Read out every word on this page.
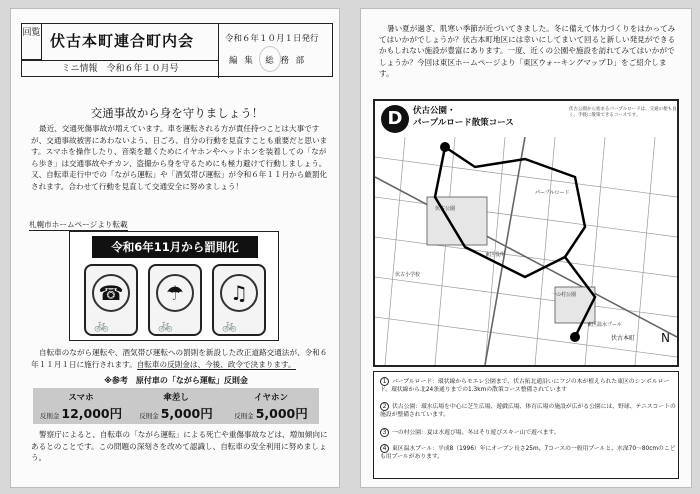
回覧 伏古本町連合町内会
ミニ情報　令和６年１０月号
令和６年１０月１日発行
編 集　総 務 部
交通事故から身を守りましょう！
最近、交通死傷事故が増えています。車を運転される方が責任持つことは大事ですが、交通事故被害にあわないよう、日ごろ、自分の行動を見直すことも重要だと思います。スマホを操作したり、音楽を聴くためにイヤホンやヘッドホンを装着しての「ながら歩き」は交通事故やチカン、盗撮から身を守るためにも極力避けて行動しましょう。又、自転車走行中での「ながら運転」や「酒気帯び運転」が令和６年１１月から厳罰化されます。合わせて行動を見直して交通安全に努めましょう！
札幌市ホームページより転載
令和6年11月から罰則化
☎
🚲
☂
🚲
♫
🚲
自転車のながら運転や、酒気帯び運転への罰則を新設した改正道路交通法が、令和６年１１月１日に施行されます。自転車の反則金は、今後、政令で決まります。
※参考　原付車の「ながら運転」反則金
スマホ
反則金 12,000円
傘差し
反則金 5,000円
イヤホン
反則金 5,000円
警察庁によると、自転車の「ながら運転」による死亡や重傷事故などは、増加傾向にあるとのことです。この問題の深刻さを改めて認識し、自転車の安全利用に努めましょう。
暑い夏が過ぎ、肌寒い季節が近づいてきました。冬に備えて体力づくりをはかってみてはいかがでしょうか？伏古本町地区には幸いにしてまいて回ると新しい発見ができるかもしれない施設が豊富にあります。一度、近くの公園や施設を訪れてみてはいかがでしょうか？今回は東区ホームページより「東区ウォーキングマップＤ」をご紹介します。
D	伏古公園・
パープルロード散策コース
伏古公園から始まるパープルロードは、交通の便も良く、手軽に散策できるコースです。
伏古公園
パープルロード
東区役所
伏古小学校
一の村公園
東区温水プール
伏古本町 N
1 パープルロード：環状線からモエレ公園まで、伏古拓北通沿いにフジの木が植えられた東区のシンボルロード。環状線から北24条通りまでの1.3kmの散策コース整備されています
2 伏古公園：環水広場を中心に芝生広場、遊戯広場、体育広場の施設が広がる公園には、野球、テニスコートの施設が整備されています。
3 一の村公園：夏は水遊び場、冬はそり遊びスキー山で遊べます。
4 東区温水プール：平成8（1996）年にオープン長さ25m、7コースの一般用プールと、水深70〜80cmのこども用プールがあります。
